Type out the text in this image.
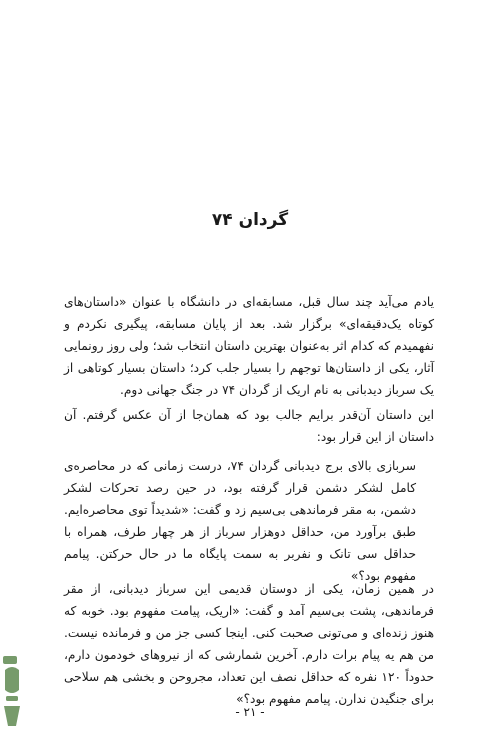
گردان ۷۴

یادم می‌آید چند سال قبل، مسابقه‌ای در دانشگاه با عنوان «داستان‌های کوتاه یک‌دقیقه‌ای» برگزار شد. بعد از پایان مسابقه، پیگیری نکردم و نفهمیدم که کدام اثر به‌عنوان بهترین داستان انتخاب شد؛ ولی روز رونمایی آثار، یکی از داستان‌ها توجهم را بسیار جلب کرد؛ داستان بسیار کوتاهی از یک سرباز دیدبانی به نام اریک از گردان ۷۴ در جنگ جهانی دوم.

این داستان آن‌قدر برایم جالب بود که همان‌جا از آن عکس گرفتم. آن داستان از این قرار بود:

سربازی بالای برج دیدبانی گردان ۷۴، درست زمانی که در محاصره‌ی کامل لشکر دشمن قرار گرفته بود، در حین رصد تحرکات لشکر دشمن، به مقر فرماندهی بی‌سیم زد و گفت: «شدیداً توی محاصره‌ایم. طبق برآورد من، حداقل دوهزار سرباز از هر چهار طرف، همراه با حداقل سی تانک و نفربر به سمت پایگاه ما در حال حرکتن. پیامم مفهوم بود؟»

در همین زمان، یکی از دوستان قدیمی این سرباز دیدبانی، از مقر فرماندهی، پشت بی‌سیم آمد و گفت: «اریک، پیامت مفهوم بود. خوبه که هنوز زنده‌ای و می‌تونی صحبت کنی. اینجا کسی جز من و فرمانده نیست. من هم یه پیام برات دارم. آخرین شمارشی که از نیروهای خودمون دارم، حدوداً ۱۲۰ نفره که حداقل نصف این تعداد، مجروحن و بخشی هم سلاحی برای جنگیدن ندارن. پیامم مفهوم بود؟»

- ۲۱ -
